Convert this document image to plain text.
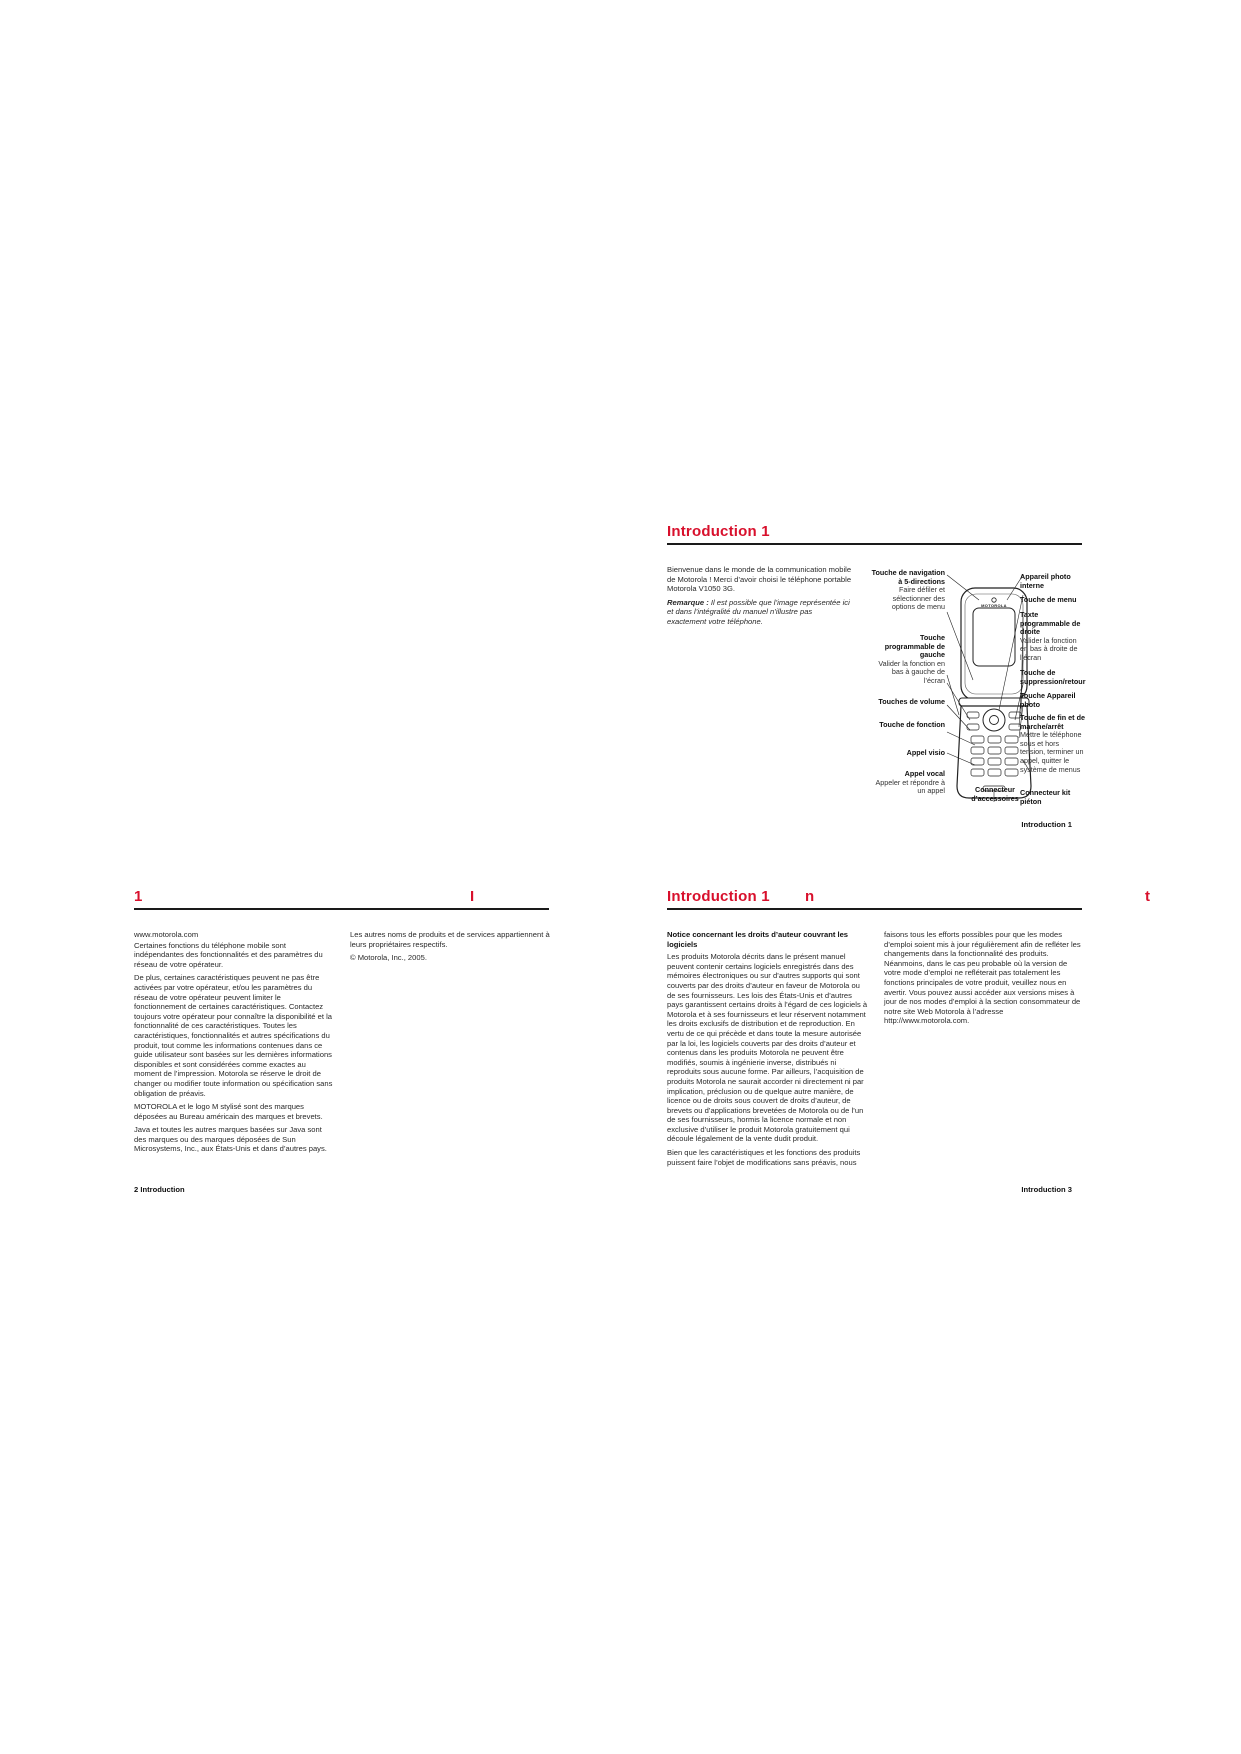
Introduction 1

Bienvenue dans le monde de la communication mobile de Motorola ! Merci d’avoir choisi le téléphone portable Motorola V1050 3G.

Remarque : Il est possible que l’image représentée ici et dans l’intégralité du manuel n’illustre pas exactement votre téléphone.

MOTOROLA
Touche de navigation à 5-directions
Faire défiler et sélectionner des options de menu
Touche programmable de gauche
Valider la fonction en bas à gauche de l’écran
Touches de volume
Touche de fonction
Appel visio
Appel vocal
Appeler et répondre à un appel	Connecteur d’accessoires
Appareil photo interne
Touche de menu
Taxte programmable de droite
Valider la fonction en bas à droite de l’écran
Touche de suppression/retour
Touche Appareil photo
Touche de fin et de marche/arrêt
Mettre le téléphone sous et hors tension, terminer un appel, quitter le système de menus
Connecteur kit piéton
Introduction 1
1	I

www.motorola.com

Certaines fonctions du téléphone mobile sont indépendantes des fonctionnalités et des paramètres du réseau de votre opérateur.

De plus, certaines caractéristiques peuvent ne pas être activées par votre opérateur, et/ou les paramètres du réseau de votre opérateur peuvent limiter le fonctionnement de certaines caractéristiques. Contactez toujours votre opérateur pour connaître la disponibilité et la fonctionnalité de ces caractéristiques. Toutes les caractéristiques, fonctionnalités et autres spécifications du produit, tout comme les informations contenues dans ce guide utilisateur sont basées sur les dernières informations disponibles et sont considérées comme exactes au moment de l’impression. Motorola se réserve le droit de changer ou modifier toute information ou spécification sans obligation de préavis.

MOTOROLA et le logo M stylisé sont des marques déposées au Bureau américain des marques et brevets.

Java et toutes les autres marques basées sur Java sont des marques ou des marques déposées de Sun Microsystems, Inc., aux États-Unis et dans d’autres pays.

Les autres noms de produits et de services appartiennent à leurs propriétaires respectifs.

© Motorola, Inc., 2005.

2 Introduction
Introduction 1 n	t
Notice concernant les droits d’auteur couvrant les logiciels

Les produits Motorola décrits dans le présent manuel peuvent contenir certains logiciels enregistrés dans des mémoires électroniques ou sur d’autres supports qui sont couverts par des droits d’auteur en faveur de Motorola ou de ses fournisseurs. Les lois des États-Unis et d’autres pays garantissent certains droits à l’égard de ces logiciels à Motorola et à ses fournisseurs et leur réservent notamment les droits exclusifs de distribution et de reproduction. En vertu de ce qui précède et dans toute la mesure autorisée par la loi, les logiciels couverts par des droits d’auteur et contenus dans les produits Motorola ne peuvent être modifiés, soumis à ingénierie inverse, distribués ni reproduits sous aucune forme. Par ailleurs, l’acquisition de produits Motorola ne saurait accorder ni directement ni par implication, préclusion ou de quelque autre manière, de licence ou de droits sous couvert de droits d’auteur, de brevets ou d’applications brevetées de Motorola ou de l’un de ses fournisseurs, hormis la licence normale et non exclusive d’utiliser le produit Motorola gratuitement qui découle légalement de la vente dudit produit.

Bien que les caractéristiques et les fonctions des produits puissent faire l’objet de modifications sans préavis, nous

faisons tous les efforts possibles pour que les modes d’emploi soient mis à jour régulièrement afin de refléter les changements dans la fonctionnalité des produits. Néanmoins, dans le cas peu probable où la version de votre mode d’emploi ne refléterait pas totalement les fonctions principales de votre produit, veuillez nous en avertir. Vous pouvez aussi accéder aux versions mises à jour de nos modes d’emploi à la section consommateur de notre site Web Motorola à l’adresse http://www.motorola.com.

Introduction 3
